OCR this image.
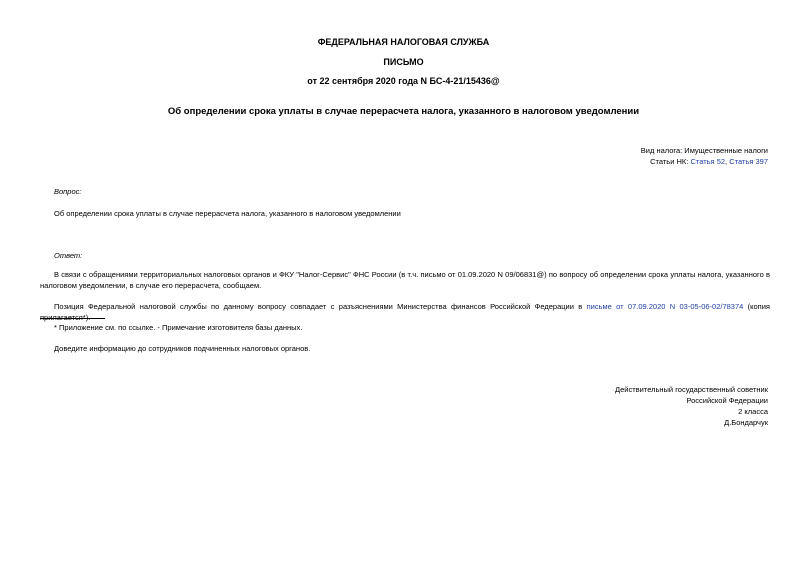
ФЕДЕРАЛЬНАЯ НАЛОГОВАЯ СЛУЖБА
ПИСЬМО
от 22 сентября 2020 года N БС-4-21/15436@
Об определении срока уплаты в случае перерасчета налога, указанного в налоговом уведомлении
Вид налога: Имущественные налоги
Статьи НК: Статья 52, Статья 397
Вопрос:
Об определении срока уплаты в случае перерасчета налога, указанного в налоговом уведомлении
Ответ:
В связи с обращениями территориальных налоговых органов и ФКУ "Налог-Сервис" ФНС России (в т.ч. письмо от 01.09.2020 N 09/06831@) по вопросу об определении срока уплаты налога, указанного в налоговом уведомлении, в случае его перерасчета, сообщаем.
Позиция Федеральной налоговой службы по данному вопросу совпадает с разъяснениями Министерства финансов Российской Федерации в письме от 07.09.2020 N 03-05-06-02/78374 (копия прилагается*).
* Приложение см. по ссылке. - Примечание изготовителя базы данных.
Доведите информацию до сотрудников подчиненных налоговых органов.
Действительный государственный советник
Российской Федерации
2 класса
Д.Бондарчук
